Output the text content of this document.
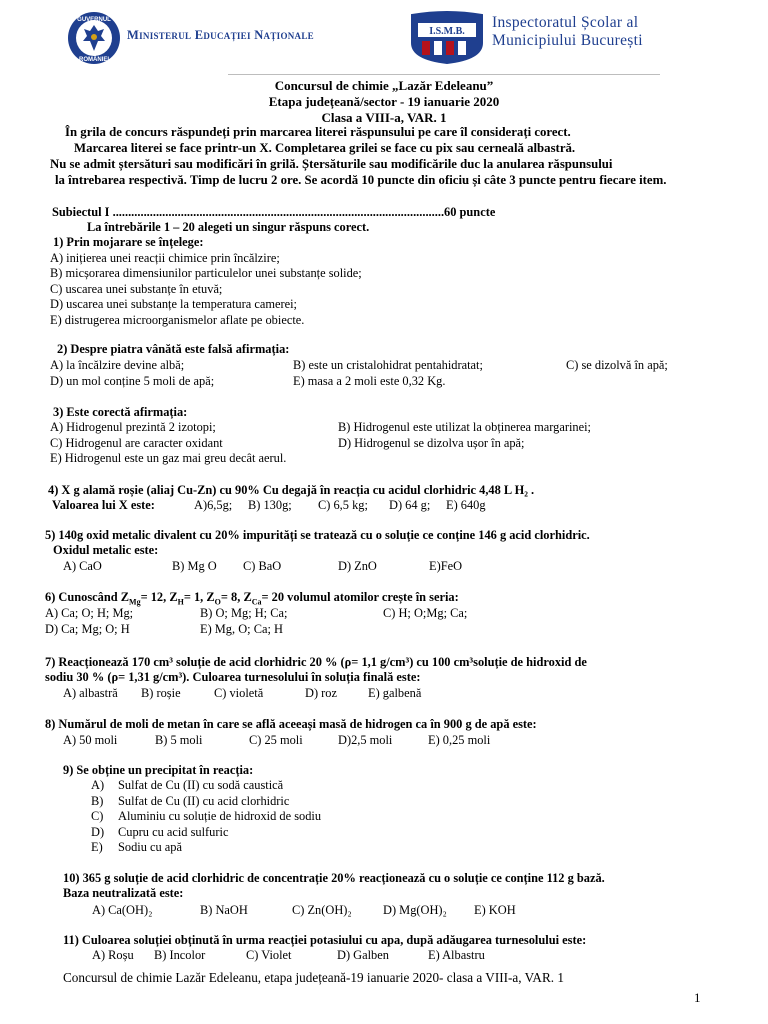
GUVERNUL
ROMÂNIEI
Ministerul Educației Naționale	I.S.M.B.
Inspectoratul Școlar al
Municipiului București
Concursul de chimie „Lazăr Edeleanu”
Etapa județeană/sector - 19 ianuarie 2020
Clasa a VIII-a, VAR. 1
În grila de concurs răspundeți prin marcarea literei răspunsului pe care îl considerați corect.
Marcarea literei se face printr-un X. Completarea grilei se face cu pix sau cerneală albastră.
Nu se admit ștersături sau modificări în grilă. Ștersăturile sau modificările duc la anularea răspunsului
la întrebarea respectivă. Timp de lucru 2 ore. Se acordă 10 puncte din oficiu și câte 3 puncte pentru fiecare item.
Subiectul I ...........................................................................................................60 puncte
La întrebările 1 – 20 alegeti un singur răspuns corect.
1) Prin mojarare se înțelege:
A) inițierea unei reacții chimice prin încălzire;
B) micșorarea dimensiunilor particulelor unei substanțe solide;
C) uscarea unei substanțe în etuvă;
D) uscarea unei substanțe la temperatura camerei;
E) distrugerea microorganismelor aflate pe obiecte.
2) Despre piatra vânătă este falsă afirmația:
A) la încălzire devine albă;	B) este un cristalohidrat pentahidratat;	C) se dizolvă în apă;
D) un mol conține 5 moli de apă;	E) masa a 2 moli este 0,32 Kg.
3) Este corectă afirmația:
A) Hidrogenul prezintă 2 izotopi;	B) Hidrogenul este utilizat la obținerea margarinei;
C) Hidrogenul are caracter oxidant	D) Hidrogenul se dizolva ușor în apă;
E) Hidrogenul este un gaz mai greu decât aerul.
4) X g alamă roșie (aliaj Cu-Zn) cu 90% Cu degajă în reacția cu acidul clorhidric 4,48 L H₂ .
Valoarea lui X este:	A)6,5g; B) 130g; C) 6,5 kg; D) 64 g; E) 640g
5) 140g oxid metalic divalent cu 20% impurități se tratează cu o soluție ce conține 146 g acid clorhidric.
Oxidul metalic este:
A) CaO	B) Mg O C) BaO	D) ZnO	E)FeO
6) Cunoscând $Z_{Mg}= 12$, $Z_H= 1$, $Z_O= 8$, $Z_{Ca}= 20$ volumul atomilor crește în seria:
A) Ca; O; H; Mg;	B) O; Mg; H; Ca;	C) H; O;Mg; Ca;
D) Ca; Mg; O; H	E) Mg, O; Ca; H
7) Reacționează 170 cm³ soluție de acid clorhidric 20 % (ρ= 1,1 g/cm³) cu 100 cm³soluție de hidroxid de
sodiu 30 % (ρ= 1,31 g/cm³). Culoarea turnesolului în soluția finală este:
A) albastră B) roșie	C) violetă	D) roz	E) galbenă
8) Numărul de moli de metan în care se află aceeași masă de hidrogen ca în 900 g de apă este:
A) 50 moli	B) 5 moli	C) 25 moli	D)2,5 moli	E) 0,25 moli
9) Se obține un precipitat în reacția:
A) Sulfat de Cu (II) cu sodă caustică
B) Sulfat de Cu (II) cu acid clorhidric
C) Aluminiu cu soluție de hidroxid de sodiu
D) Cupru cu acid sulfuric
E) Sodiu cu apă
10) 365 g soluție de acid clorhidric de concentrație 20% reacționează cu o soluție ce conține 112 g bază.
Baza neutralizată este:
A) Ca(OH)₂	B) NaOH	C) Zn(OH)₂	D) Mg(OH)₂ E) KOH
11) Culoarea soluției obținută în urma reacției potasiului cu apa, după adăugarea turnesolului este:
A) Roșu B) Incolor	C) Violet	D) Galben	E) Albastru
Concursul de chimie Lazăr Edeleanu, etapa județeană-19 ianuarie 2020- clasa a VIII-a, VAR. 1
1
